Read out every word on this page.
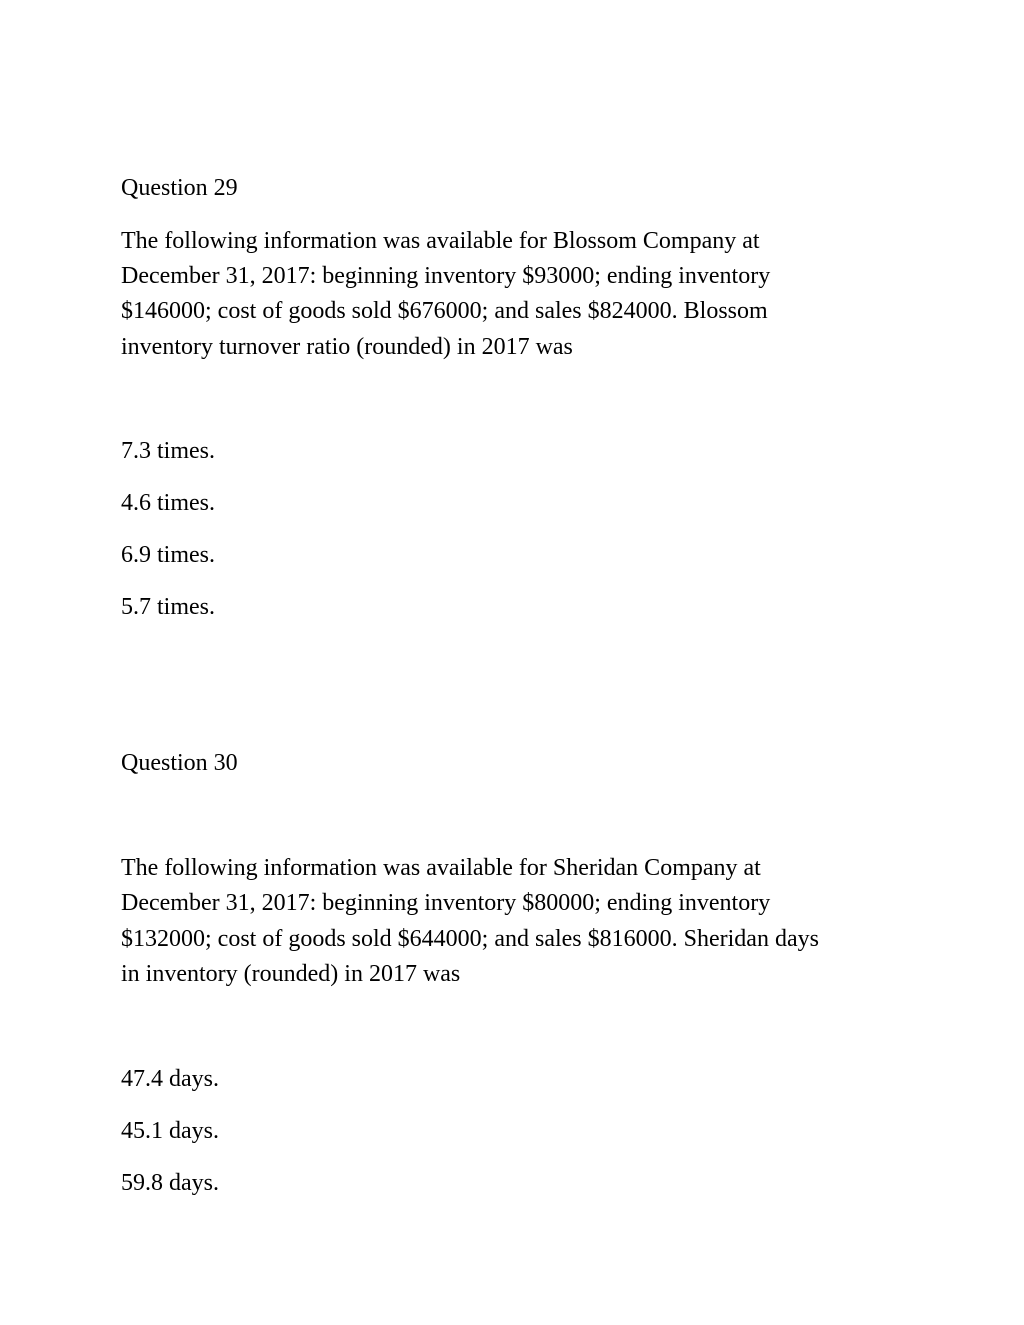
Question 29
The following information was available for Blossom Company at
December 31, 2017: beginning inventory $93000; ending inventory
$146000; cost of goods sold $676000; and sales $824000. Blossom
inventory turnover ratio (rounded) in 2017 was
7.3 times.
4.6 times.
6.9 times.
5.7 times.
Question 30
The following information was available for Sheridan Company at
December 31, 2017: beginning inventory $80000; ending inventory
$132000; cost of goods sold $644000; and sales $816000. Sheridan days
in inventory (rounded) in 2017 was
47.4 days.
45.1 days.
59.8 days.
